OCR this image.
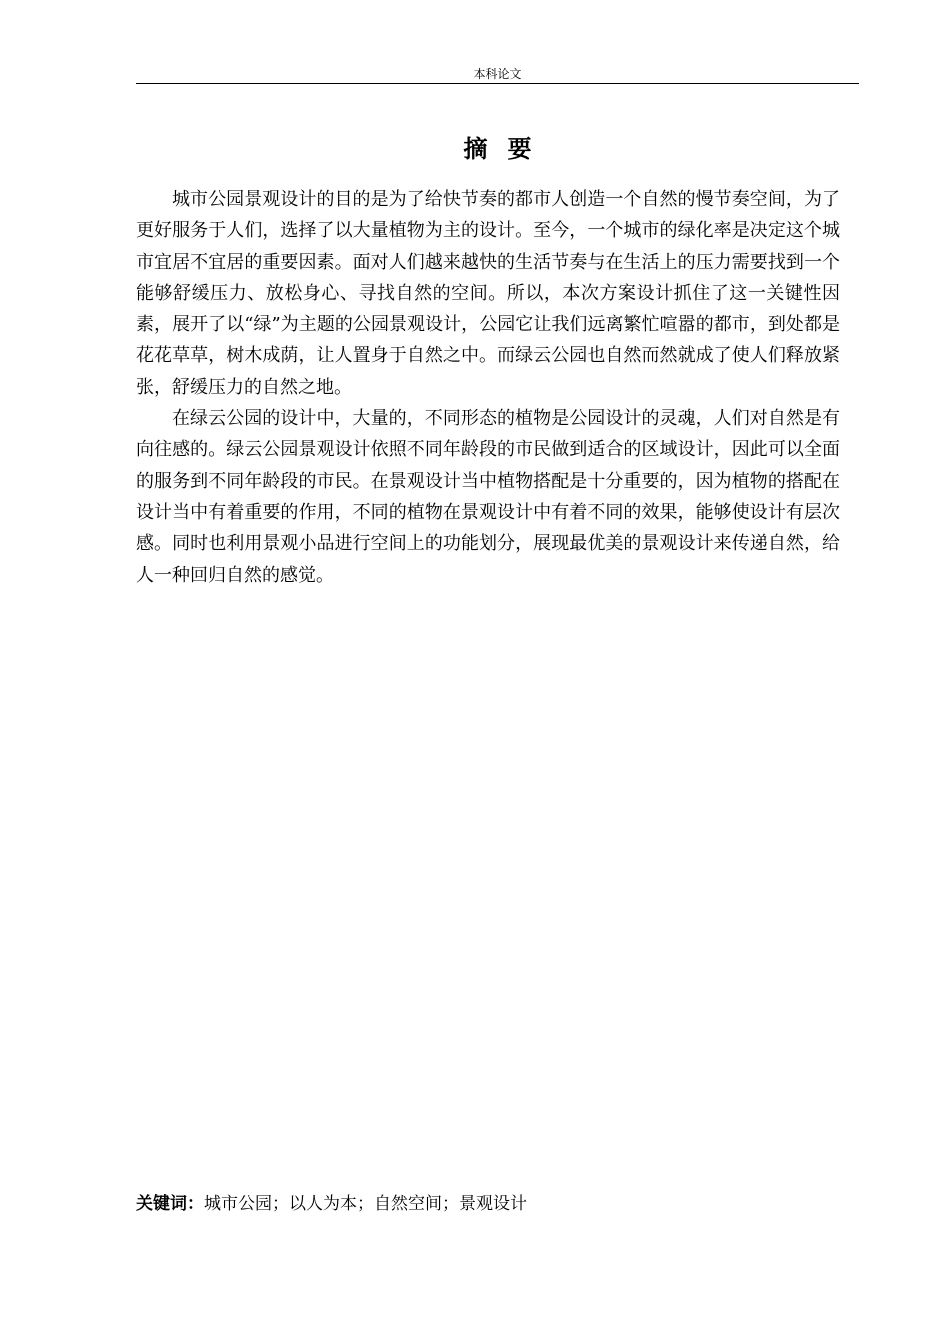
本科论文
摘要

城市公园景观设计的目的是为了给快节奏的都市人创造一个自然的慢节奏空间，为了更好服务于人们，选择了以大量植物为主的设计。至今，一个城市的绿化率是决定这个城市宜居不宜居的重要因素。面对人们越来越快的生活节奏与在生活上的压力需要找到一个能够舒缓压力、放松身心、寻找自然的空间。所以，本次方案设计抓住了这一关键性因素，展开了以“绿”为主题的公园景观设计，公园它让我们远离繁忙喧嚣的都市，到处都是花花草草，树木成荫，让人置身于自然之中。而绿云公园也自然而然就成了使人们释放紧张，舒缓压力的自然之地。

在绿云公园的设计中，大量的，不同形态的植物是公园设计的灵魂，人们对自然是有向往感的。绿云公园景观设计依照不同年龄段的市民做到适合的区域设计，因此可以全面的服务到不同年龄段的市民。在景观设计当中植物搭配是十分重要的，因为植物的搭配在设计当中有着重要的作用，不同的植物在景观设计中有着不同的效果，能够使设计有层次感。同时也利用景观小品进行空间上的功能划分，展现最优美的景观设计来传递自然，给人一种回归自然的感觉。

关键词：城市公园；以人为本；自然空间；景观设计
